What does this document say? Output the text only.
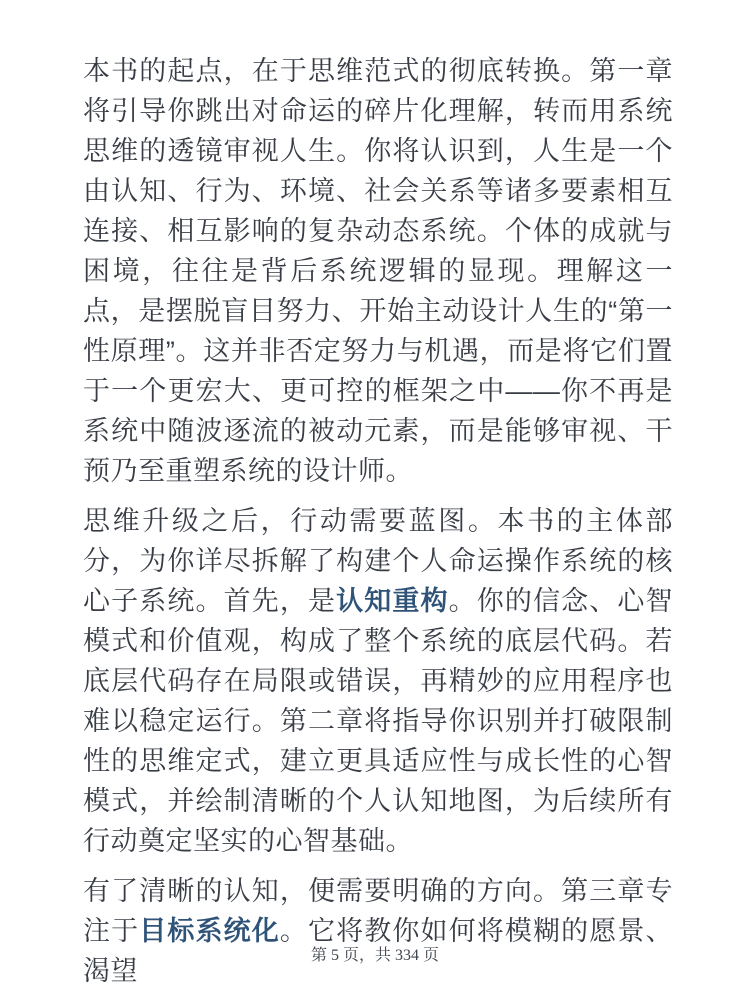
本书的起点，在于思维范式的彻底转换。第一章将引导你跳出对命运的碎片化理解，转而用系统思维的透镜审视人生。你将认识到，人生是一个由认知、行为、环境、社会关系等诸多要素相互连接、相互影响的复杂动态系统。个体的成就与困境，往往是背后系统逻辑的显现。理解这一点，是摆脱盲目努力、开始主动设计人生的“第一性原理”。这并非否定努力与机遇，而是将它们置于一个更宏大、更可控的框架之中——你不再是系统中随波逐流的被动元素，而是能够审视、干预乃至重塑系统的设计师。

思维升级之后，行动需要蓝图。本书的主体部分，为你详尽拆解了构建个人命运操作系统的核心子系统。首先，是认知重构。你的信念、心智模式和价值观，构成了整个系统的底层代码。若底层代码存在局限或错误，再精妙的应用程序也难以稳定运行。第二章将指导你识别并打破限制性的思维定式，建立更具适应性与成长性的心智模式，并绘制清晰的个人认知地图，为后续所有行动奠定坚实的心智基础。

有了清晰的认知，便需要明确的方向。第三章专注于目标系统化。它将教你如何将模糊的愿景、渴望

第 5 页，共 334 页
